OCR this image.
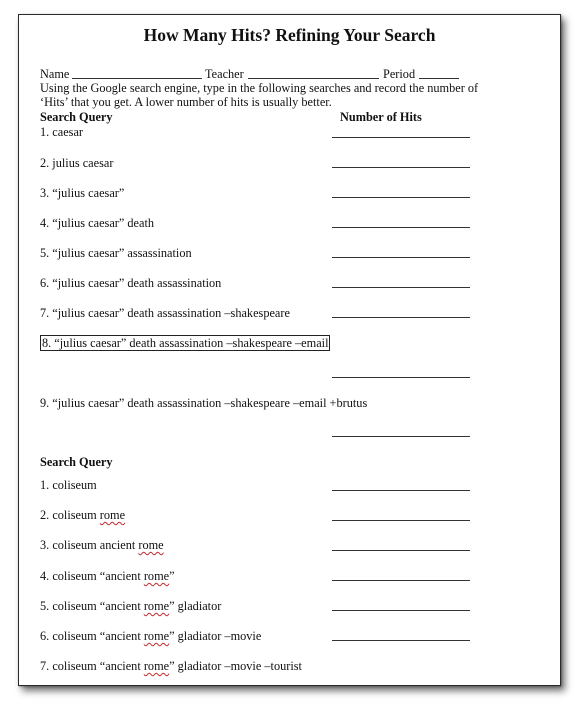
How Many Hits? Refining Your Search
Name	Teacher	Period
Using the Google search engine, type in the following searches and record the number of
‘Hits’ that you get. A lower number of hits is usually better.
Search Query	Number of Hits
1. caesar
2. julius caesar
3. “julius caesar”
4. “julius caesar” death
5. “julius caesar” assassination
6. “julius caesar” death assassination
7. “julius caesar” death assassination –shakespeare
8. “julius caesar” death assassination –shakespeare –email
9. “julius caesar” death assassination –shakespeare –email +brutus
Search Query
1. coliseum
2. coliseum rome
3. coliseum ancient rome
4. coliseum “ancient rome”
5. coliseum “ancient rome” gladiator
6. coliseum “ancient rome” gladiator –movie
7. coliseum “ancient rome” gladiator –movie –tourist
